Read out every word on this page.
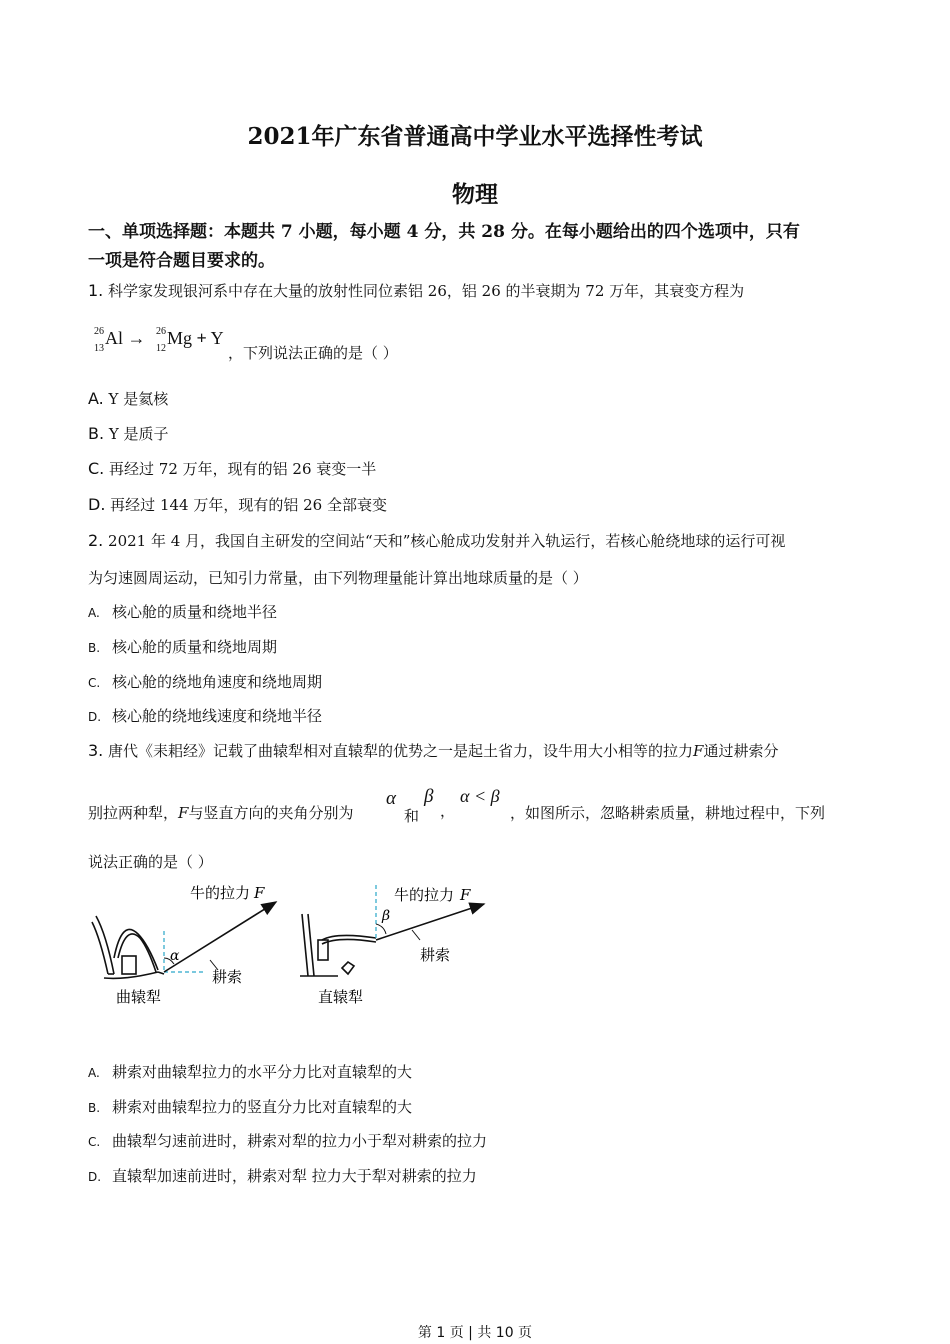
2021年广东省普通高中学业水平选择性考试
物理
一、单项选择题：本题共 7 小题，每小题 4 分，共 28 分。在每小题给出的四个选项中，只有
一项是符合题目要求的。
1. 科学家发现银河系中存在大量的放射性同位素铝 26，铝 26 的半衰期为 72 万年，其衰变方程为
26
13
Al → 26
12
Mg + Y
，下列说法正确的是（ ）
A. Y 是氦核
B. Y 是质子
C. 再经过 72 万年，现有的铝 26 衰变一半
D. 再经过 144 万年，现有的铝 26 全部衰变
2. 2021 年 4 月，我国自主研发的空间站“天和”核心舱成功发射并入轨运行，若核心舱绕地球的运行可视
为匀速圆周运动，已知引力常量，由下列物理量能计算出地球质量的是（ ）
A. 核心舱的质量和绕地半径
B. 核心舱的质量和绕地周期
C. 核心舱的绕地角速度和绕地周期
D. 核心舱的绕地线速度和绕地半径
3. 唐代《耒耜经》记载了曲辕犁相对直辕犁的优势之一是起土省力，设牛用大小相等的拉力F通过耕索分
别拉两种犁，F与竖直方向的夹角分别为
α
和
β
，
α < β
，如图所示，忽略耕索质量，耕地过程中，下列
说法正确的是（ ）
牛的拉力 F
α
耕索
曲辕犁
牛的拉力 F
β
耕索
直辕犁
A. 耕索对曲辕犁拉力的水平分力比对直辕犁的大
B. 耕索对曲辕犁拉力的竖直分力比对直辕犁的大
C. 曲辕犁匀速前进时，耕索对犁的拉力小于犁对耕索的拉力
D. 直辕犁加速前进时，耕索对犁 拉力大于犁对耕索的拉力
第 1 页 | 共 10 页
